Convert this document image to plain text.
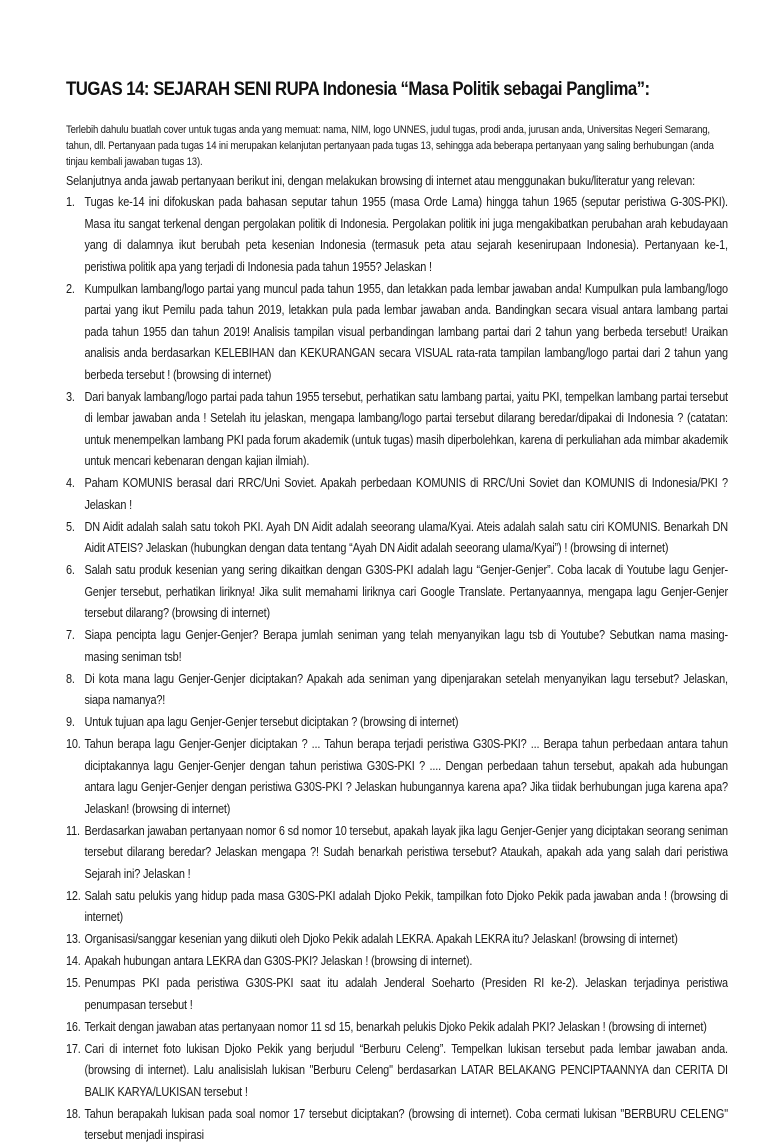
TUGAS 14: SEJARAH SENI RUPA Indonesia “Masa Politik sebagai Panglima”:
Terlebih dahulu buatlah cover untuk tugas anda yang memuat: nama, NIM, logo UNNES, judul tugas, prodi anda, jurusan anda, Universitas Negeri Semarang, tahun, dll. Pertanyaan pada tugas 14 ini merupakan kelanjutan pertanyaan pada tugas 13, sehingga ada beberapa pertanyaan yang saling berhubungan (anda tinjau kembali jawaban tugas 13).
Selanjutnya anda jawab pertanyaan berikut ini, dengan melakukan browsing di internet atau menggunakan buku/literatur yang relevan:
1. Tugas ke-14 ini difokuskan pada bahasan seputar tahun 1955 (masa Orde Lama) hingga tahun 1965 (seputar peristiwa G-30S-PKI). Masa itu sangat terkenal dengan pergolakan politik di Indonesia. Pergolakan politik ini juga mengakibatkan perubahan arah kebudayaan yang di dalamnya ikut berubah peta kesenian Indonesia (termasuk peta atau sejarah kesenirupaan Indonesia). Pertanyaan ke-1, peristiwa politik apa yang terjadi di Indonesia pada tahun 1955? Jelaskan !
2. Kumpulkan lambang/logo partai yang muncul pada tahun 1955, dan letakkan pada lembar jawaban anda! Kumpulkan pula lambang/logo partai yang ikut Pemilu pada tahun 2019, letakkan pula pada lembar jawaban anda. Bandingkan secara visual antara lambang partai pada tahun 1955 dan tahun 2019! Analisis tampilan visual perbandingan lambang partai dari 2 tahun yang berbeda tersebut! Uraikan analisis anda berdasarkan KELEBIHAN dan KEKURANGAN secara VISUAL rata-rata tampilan lambang/logo partai dari 2 tahun yang berbeda tersebut ! (browsing di internet)
3. Dari banyak lambang/logo partai pada tahun 1955 tersebut, perhatikan satu lambang partai, yaitu PKI, tempelkan lambang partai tersebut di lembar jawaban anda ! Setelah itu jelaskan, mengapa lambang/logo partai tersebut dilarang beredar/dipakai di Indonesia ? (catatan: untuk menempelkan lambang PKI pada forum akademik (untuk tugas) masih diperbolehkan, karena di perkuliahan ada mimbar akademik untuk mencari kebenaran dengan kajian ilmiah).
4. Paham KOMUNIS berasal dari RRC/Uni Soviet. Apakah perbedaan KOMUNIS di RRC/Uni Soviet dan KOMUNIS di Indonesia/PKI ? Jelaskan !
5. DN Aidit adalah salah satu tokoh PKI. Ayah DN Aidit adalah seeorang ulama/Kyai. Ateis adalah salah satu ciri KOMUNIS. Benarkah DN Aidit ATEIS? Jelaskan (hubungkan dengan data tentang “Ayah DN Aidit adalah seeorang ulama/Kyai”) ! (browsing di internet)
6. Salah satu produk kesenian yang sering dikaitkan dengan G30S-PKI adalah lagu “Genjer-Genjer”. Coba lacak di Youtube lagu Genjer-Genjer tersebut, perhatikan liriknya! Jika sulit memahami liriknya cari Google Translate. Pertanyaannya, mengapa lagu Genjer-Genjer tersebut dilarang? (browsing di internet)
7. Siapa pencipta lagu Genjer-Genjer? Berapa jumlah seniman yang telah menyanyikan lagu tsb di Youtube? Sebutkan nama masing-masing seniman tsb!
8. Di kota mana lagu Genjer-Genjer diciptakan? Apakah ada seniman yang dipenjarakan setelah menyanyikan lagu tersebut? Jelaskan, siapa namanya?!
9. Untuk tujuan apa lagu Genjer-Genjer tersebut diciptakan ? (browsing di internet)
10. Tahun berapa lagu Genjer-Genjer diciptakan ? ... Tahun berapa terjadi peristiwa G30S-PKI? ... Berapa tahun perbedaan antara tahun diciptakannya lagu Genjer-Genjer dengan tahun peristiwa G30S-PKI ? .... Dengan perbedaan tahun tersebut, apakah ada hubungan antara lagu Genjer-Genjer dengan peristiwa G30S-PKI ? Jelaskan hubungannya karena apa? Jika tiidak berhubungan juga karena apa? Jelaskan! (browsing di internet)
11. Berdasarkan jawaban pertanyaan nomor 6 sd nomor 10 tersebut, apakah layak jika lagu Genjer-Genjer yang diciptakan seorang seniman tersebut dilarang beredar? Jelaskan mengapa ?! Sudah benarkah peristiwa tersebut? Ataukah, apakah ada yang salah dari peristiwa Sejarah ini? Jelaskan !
12. Salah satu pelukis yang hidup pada masa G30S-PKI adalah Djoko Pekik, tampilkan foto Djoko Pekik pada jawaban anda ! (browsing di internet)
13. Organisasi/sanggar kesenian yang diikuti oleh Djoko Pekik adalah LEKRA. Apakah LEKRA itu? Jelaskan! (browsing di internet)
14. Apakah hubungan antara LEKRA dan G30S-PKI? Jelaskan ! (browsing di internet).
15. Penumpas PKI pada peristiwa G30S-PKI saat itu adalah Jenderal Soeharto (Presiden RI ke-2). Jelaskan terjadinya peristiwa penumpasan tersebut !
16. Terkait dengan jawaban atas pertanyaan nomor 11 sd 15, benarkah pelukis Djoko Pekik adalah PKI? Jelaskan ! (browsing di internet)
17. Cari di internet foto lukisan Djoko Pekik yang berjudul “Berburu Celeng”. Tempelkan lukisan tersebut pada lembar jawaban anda. (browsing di internet). Lalu analisislah lukisan "Berburu Celeng" berdasarkan LATAR BELAKANG PENCIPTAANNYA dan CERITA DI BALIK KARYA/LUKISAN tersebut !
18. Tahun berapakah lukisan pada soal nomor 17 tersebut diciptakan? (browsing di internet). Coba cermati lukisan "BERBURU CELENG" tersebut menjadi inspirasi
